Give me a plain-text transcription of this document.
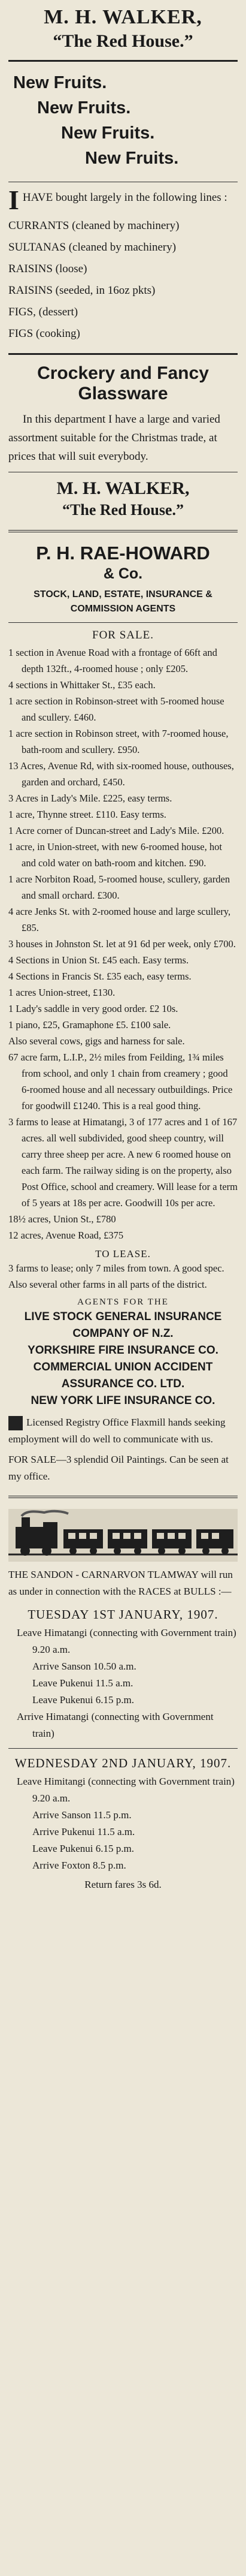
M. H. WALKER,
“The Red House.”
New Fruits.
New Fruits.
New Fruits.
New Fruits.

IHAVE bought largely in the following lines :

CURRANTS (cleaned by machinery)
SULTANAS (cleaned by machinery)
RAISINS (loose)
RAISINS (seeded, in 16oz pkts)
FIGS, (dessert)
FIGS (cooking)
Crockery and Fancy Glassware

In this department I have a large and varied assortment suitable for the Christmas trade, at prices that will suit everybody.

M. H. WALKER,
“The Red House.”
P. H. RAE-HOWARD
& Co.
STOCK, LAND, ESTATE, INSURANCE & COMMISSION AGENTS
FOR SALE.

1 section in Avenue Road with a frontage of 66ft and depth 132ft., 4-roomed house ; only £205.

4 sections in Whittaker St., £35 each.

1 acre section in Robinson-street with 5-roomed house and scullery. £460.

1 acre section in Robinson street, with 7-roomed house, bath-room and scullery. £950.

13 Acres, Avenue Rd, with six-roomed house, outhouses, garden and orchard, £450.

3 Acres in Lady's Mile. £225, easy terms.

1 acre, Thynne street. £110. Easy terms.

1 Acre corner of Duncan-street and Lady's Mile. £200.

1 acre, in Union-street, with new 6-roomed house, hot and cold water on bath-room and kitchen. £90.

1 acre Norbiton Road, 5-roomed house, scullery, garden and small orchard. £300.

4 acre Jenks St. with 2-roomed house and large scullery, £85.

3 houses in Johnston St. let at 91 6d per week, only £700.

4 Sections in Union St. £45 each. Easy terms.

4 Sections in Francis St. £35 each, easy terms.

1 acres Union-street, £130.

1 Lady's saddle in very good order. £2 10s.

1 piano, £25, Gramaphone £5. £100 sale.

Also several cows, gigs and harness for sale.

67 acre farm, L.I.P., 2½ miles from Feilding, 1¾ miles from school, and only 1 chain from creamery ; good 6-roomed house and all necessary outbuildings. Price for goodwill £1240. This is a real good thing.

3 farms to lease at Himatangi, 3 of 177 acres and 1 of 167 acres. all well subdivided, good sheep country, will carry three sheep per acre. A new 6 roomed house on each farm. The railway siding is on the property, also Post Office, school and creamery. Will lease for a term of 5 years at 18s per acre. Goodwill 10s per acre.

18½ acres, Union St., £780

12 acres, Avenue Road, £375

TO LEASE.

3 farms to lease; only 7 miles from town. A good spec.

Also several other farms in all parts of the district.

AGENTS FOR THE
LIVE STOCK GENERAL INSURANCE COMPANY OF N.Z.
YORKSHIRE FIRE INSURANCE CO.
COMMERCIAL UNION ACCIDENT ASSURANCE CO. LTD.
NEW YORK LIFE INSURANCE CO.

Licensed Registry Office Flaxmill hands seeking employment will do well to communicate with us.

FOR SALE—3 splendid Oil Paintings. Can be seen at my office.

THE SANDON - CARNARVON TLAMWAY will run as under in connection with the RACES at BULLS :—

TUESDAY 1ST JANUARY, 1907.
Leave Himatangi (connecting with Government train) 9.20 a.m.
Arrive Sanson 10.50 a.m.
Leave Pukenui 11.5 a.m.
Leave Pukenui 6.15 p.m.
Arrive Himatangi (connecting with Government train)
WEDNESDAY 2ND JANUARY, 1907.
Leave Himitangi (connecting with Government train) 9.20 a.m.
Arrive Sanson 11.5 p.m.
Arrive Pukenui 11.5 a.m.
Leave Pukenui 6.15 p.m.
Arrive Foxton 8.5 p.m.
Return fares 3s 6d.
